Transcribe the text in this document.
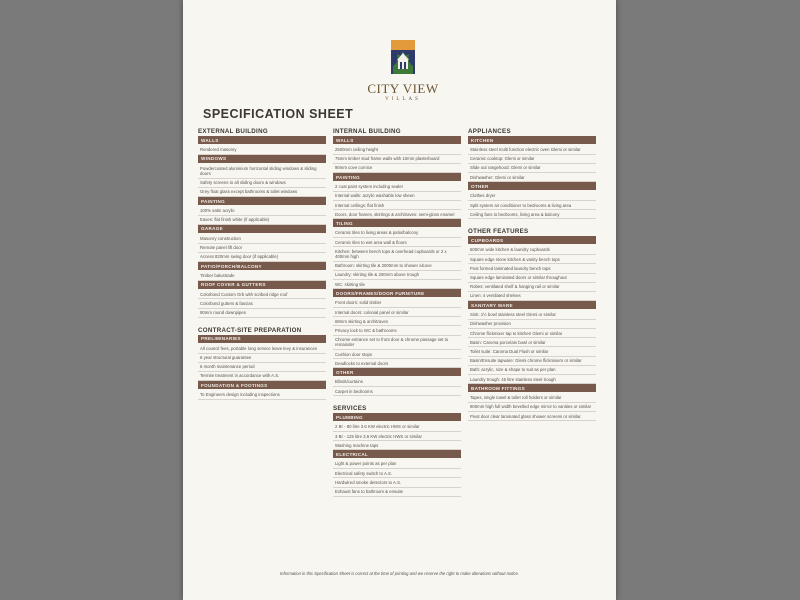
CITY VIEW
VILLAS
SPECIFICATION SHEET
EXTERNAL BUILDING
WALLS
Rendered masonry
WINDOWS
Powdercoated aluminium horizontal sliding windows & sliding doors
Safety screens to all sliding doors & windows
Grey float glass except bathrooms & toilet windows
PAINTING
100% satin acrylic
Eaves: flat finish white (if applicable)
GARAGE
Masonry construction
Remote panel lift door
Access 820mm swing door (if applicable)
PATIO/PORCH/BALCONY
Timber balustrade
ROOF COVER & GUTTERS
Colorbond Custom Orb with scribed ridge roof
Colorbond gutters & fascias
90mm round downpipes
CONTRACT-SITE PREPARATION
PRELIMINARIES
All council fees, portable long service leave levy & insurances
6 year structural guarantee
6 month maintenance period
Termite treatment in accordance with A.S.
FOUNDATION & FOOTINGS
To Engineers design including inspections
INTERNAL BUILDING
WALLS
2500mm ceiling height
75mm timber stud frame walls with 10mm plasterboard
90mm cove cornice
PAINTING
2 coat paint system including sealer
Internal walls: acrylic washable low sheen
Internal ceilings: flat finish
Doors, door frames, skirtings & architraves: semi-gloss enamel
TILING
Ceramic tiles to living areas & patio/balcony
Ceramic tiles to wet area wall & floors
Kitchen: between bench tops & overhead cupboards or 2 x 400mm high
Bathroom: skirting tile & 2000mm to shower alcove
Laundry: skirting tile & 200mm above trough
WC: skirting tile
DOORS/FRAMES/DOOR FURNITURE
Front doors: solid timber
Internal doors: colonial panel or similar
68mm skirting & architraves
Privacy lock to WC & bathrooms
Chrome entrance set to front door & chrome passage set to remainder
Cushion door stops
Deadlocks to external doors
OTHER
Blinds/curtains
Carpet in bedrooms
SERVICES
PLUMBING
2 Br - 80 litre 3.6 KW electric HWS or similar
3 Br - 125 litre 3.6 KW electric HWS or similar
Washing machine taps
ELECTRICAL
Light & power points as per plan
Electrical safety switch to A.S.
Hardwired smoke detectors to A.S.
Exhaust fans to bathroom & ensuite
APPLIANCES
KITCHEN
Stainless steel multi function electric oven Glemi or similar
Ceramic cooktop: Glemi or similar
Slide out rangehood: Glemi or similar
Dishwasher: Glemi or similar
OTHER
Clothes dryer
Split system air conditioner to bedrooms & living area
Ceiling fans to bedrooms, living area & balcony
OTHER FEATURES
CUPBOARDS
600mm wide kitchen & laundry cupboards
Square edge stone kitchen & vanity bench tops
Post formed laminated laundry bench tops
Square edge laminated doors or similar throughout
Robes: ventilated shelf & hanging rail or similar
Linen: 4 ventilated shelves
SANITARY WARE
Sink: 1½ bowl stainless steel Glemi or similar
Dishwasher provision
Chrome flickmixer tap to kitchen Glemi or similar
Basin: Caroma porcelain bowl or similar
Toilet suite: Caroma Dual Flush or similar
Basin/Ensuite tapware: Glemi chrome flickmixers or similar
Bath: acrylic, size & shape to suit as per plan
Laundry trough: 45 litre stainless steel trough
BATHROOM FITTINGS
Tapes, single towel & toilet roll holders or similar
900mm high full width bevelled edge mirror to vanities or similar
Pivot door clear laminated glass shower screens or similar
Information in this Specification Sheet is correct at the time of printing and we reserve the right to make alterations without notice.
